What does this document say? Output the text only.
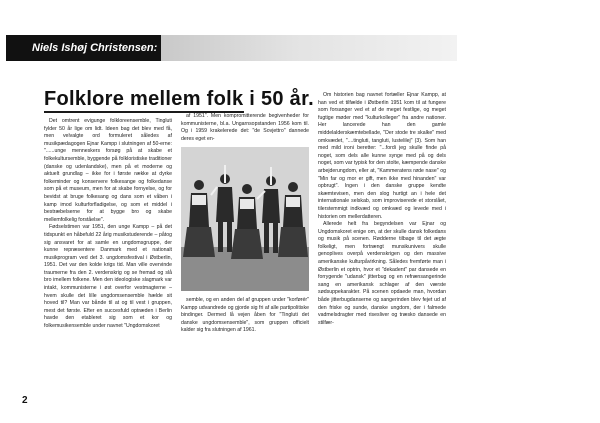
Niels Ishøj Christensen:
Folklore mellem folk i 50 år.

Det omtrent evigunge folkloreensemble, Tingluti fylder 50 år lige om lidt. Ideen bag det blev med få, men velvalgte ord formuleret således af musikpædagogen Ejnar Kampp i slutningen af 50-erne: "......unge menneskers forsøg på at skabe et folkekultursemble, byggende på folkloristiske traditioner (danske og udenlandske), men på et moderne og aktuelt grundlag – ikke for i første række at dyrke folkeminder og konservere folkesange og folkedanse som på et museum, men for at skabe fornyelse, og for bevidst at bruge folkesang og dans som et våben i kamp imod kulturforfladigelse, og som et middel i bestræbelserne for at bygge bro og skabe mellemfolkelig forståelse".

Fødselstimen var 1951, den unge Kampp – på det tidspunkt en håbefuld 22 årig musikstuderende – påtog sig ansvaret for at samle en ungdomsgruppe, der kunne repræsentere Danmark med et nationalt musikprogram ved det 3. ungdomsfestival i Østberlin, 1951. Det var den kolde krigs tid. Man ville overvinde traumerne fra den 2. verdenskrig og se fremad og slå bro imellem folkene. Men den ideologiske slagmark var intakt, kommunisterne i øst overfor vestmagterne – hvem skulle det lille ungdomsensemble hælde sit hoved til? Man var bånde til at og til vest i gruppen, mest det første. Efter en succesfuld optræden i Berlin havde den etableret sig som et kor og folkemusikensemble under navnet "Ungdomskoret

af 1951". Men kompromitterende begivenheder for kommunisterne, bl.a. Ungarnsopstanden 1956 kom til. Og i 1959 krakelerede det: "de Sovjettro" dannede deres eget en-

semble, og en anden del af gruppen under "korførér" Kampp udvandrede og gjorde sig fri af alle partipolitiske bindinger. Dermed lå vejen åben for "Tingluti det danske ungdomsensemble", som gruppen officielt kalder sig fra slutningen af 1961.

Om historien bag navnet fortæller Ejnar Kampp, at han ved et tilfælde i Østberlin 1951 kom til at fungere som forsanger ved et af de meget festlige, og meget fugtige møder med "kulturkolleger" fra andre nationer. Her lancerede han den gamle middelalderskæmtebellade, "Der stode tre skalke" med omkvædet, "....tingluti, tangluti, lustelilej" (3). Som han med mild ironi beretter: "...fordi jeg skulle finde på noget, som dels alle kunne synge med på og dels noget, som var typisk for den stolte, kæmpende danske arbejderungdom, eller at, "Kammeratens røde nase" og "Min far og mor er gift, men ikke med hinanden" var opbrugt". Ingen i den danske gruppe kendte skæmtevisen, men den slog hurtigt an i hele det internationale selskab, som improviserede et storslået, tilerstemmigt indkvæd og omkvæd og levede med i historien om mellerdatteren.

Allerede helt fra begyndelsen var Ejnar og Ungdomskoret enige om, at der skulle dansk folkedans og musik på scenen. Rødderne tilbage til det ægte folkeligt, men fortrængt munsikunivers skulle genoplives overpå verdenskrigen og den massive amerikanske kulturpåvirkning. Således fremførte man i Østberlin et optrin, hvor et "dekadent" par dansede en forrygende "udansk" jitterbug og en refrænsangerinde sang en amerikansk schlager af den værste sødsuppekarakter. På scenen opdaede man, hvordan både jitterbugdanserne og sangerinden blev fejet ud af den friske og sunde, danske ungdom, der i falmede vadmelsdragter med risesliver og træsko dansede en stilfær-

2
